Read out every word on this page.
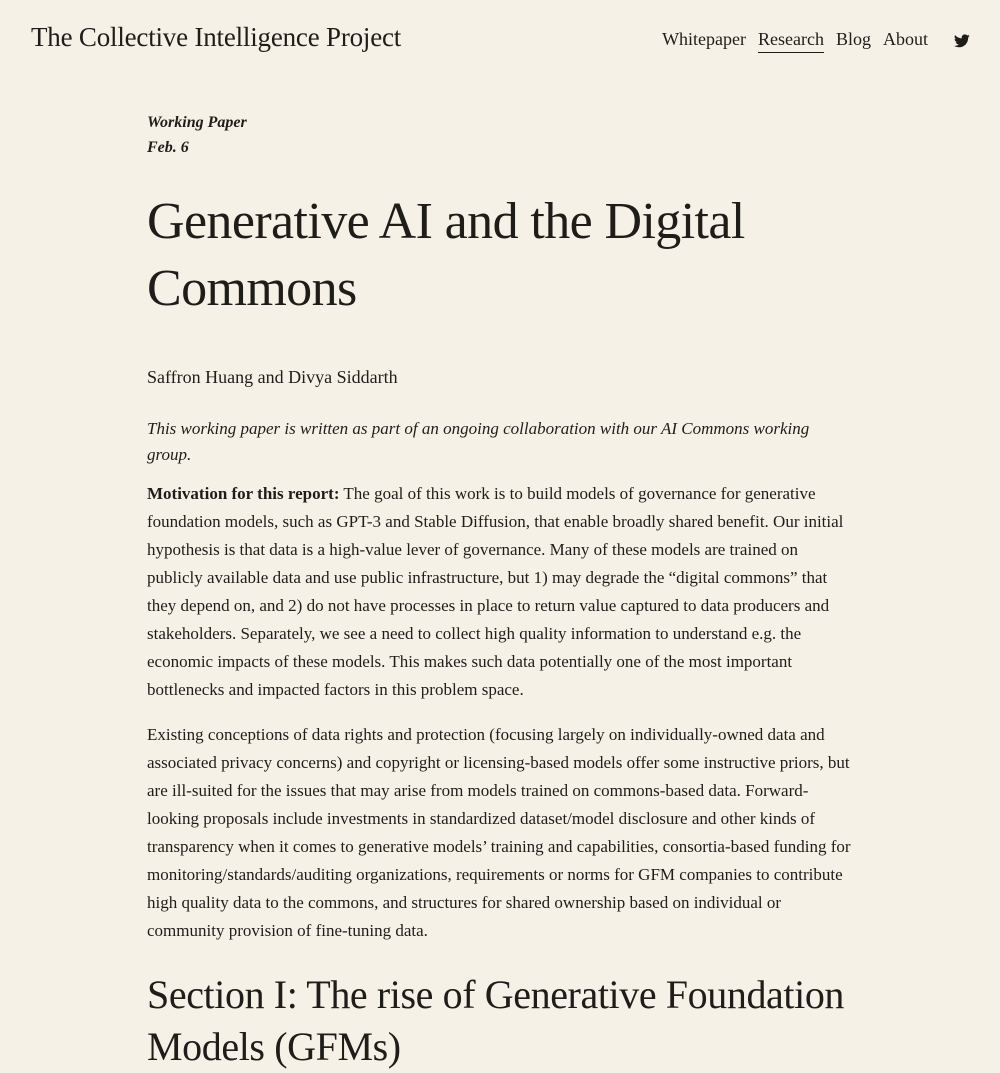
The Collective Intelligence Project	Whitepaper Research Blog About
Working Paper
Feb. 6
Generative AI and the Digital Commons
Saffron Huang and Divya Siddarth
This working paper is written as part of an ongoing collaboration with our AI Commons working group.

Motivation for this report: The goal of this work is to build models of governance for generative foundation models, such as GPT-3 and Stable Diffusion, that enable broadly shared benefit. Our initial hypothesis is that data is a high-value lever of governance. Many of these models are trained on publicly available data and use public infrastructure, but 1) may degrade the “digital commons” that they depend on, and 2) do not have processes in place to return value captured to data producers and stakeholders. Separately, we see a need to collect high quality information to understand e.g. the economic impacts of these models. This makes such data potentially one of the most important bottlenecks and impacted factors in this problem space.

Existing conceptions of data rights and protection (focusing largely on individually-owned data and associated privacy concerns) and copyright or licensing-based models offer some instructive priors, but are ill-suited for the issues that may arise from models trained on commons-based data. Forward-looking proposals include investments in standardized dataset/model disclosure and other kinds of transparency when it comes to generative models’ training and capabilities, consortia-based funding for monitoring/standards/auditing organizations, requirements or norms for GFM companies to contribute high quality data to the commons, and structures for shared ownership based on individual or community provision of fine-tuning data.

Section I: The rise of Generative Foundation Models (GFMs)
